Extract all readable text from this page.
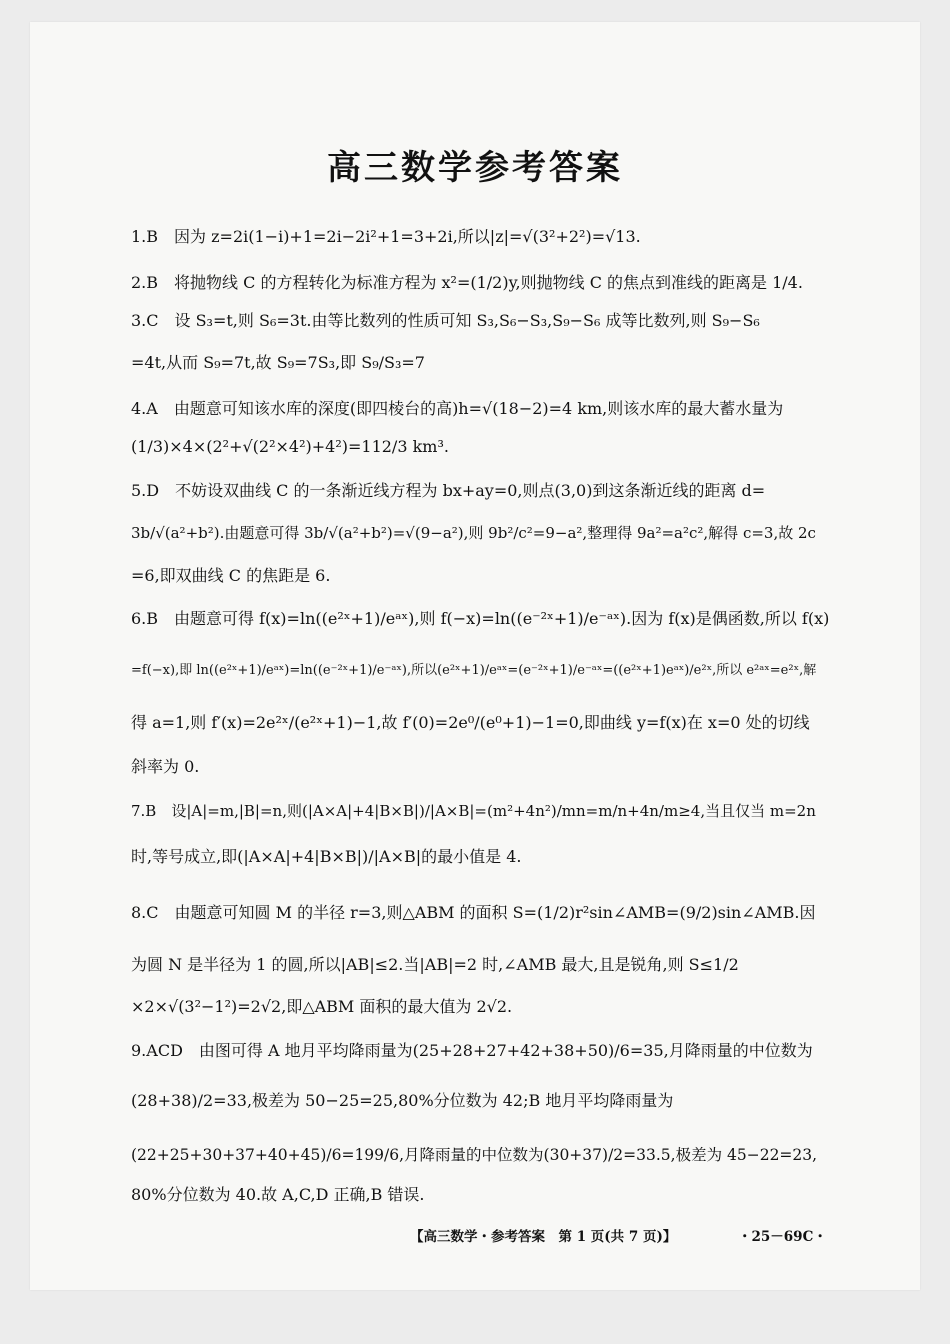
高三数学参考答案
1.B　因为 z=2i(1−i)+1=2i−2i²+1=3+2i,所以|z|=√(3²+2²)=√13.
2.B　将抛物线 C 的方程转化为标准方程为 x²=(1/2)y,则抛物线 C 的焦点到准线的距离是 1/4.
3.C　设 S₃=t,则 S₆=3t.由等比数列的性质可知 S₃,S₆−S₃,S₉−S₆ 成等比数列,则 S₉−S₆
=4t,从而 S₉=7t,故 S₉=7S₃,即 S₉/S₃=7
4.A　由题意可知该水库的深度(即四棱台的高)h=√(18−2)=4 km,则该水库的最大蓄水量为
(1/3)×4×(2²+√(2²×4²)+4²)=112/3 km³.
5.D　不妨设双曲线 C 的一条渐近线方程为 bx+ay=0,则点(3,0)到这条渐近线的距离 d=
3b/√(a²+b²).由题意可得 3b/√(a²+b²)=√(9−a²),则 9b²/c²=9−a²,整理得 9a²=a²c²,解得 c=3,故 2c
=6,即双曲线 C 的焦距是 6.
6.B　由题意可得 f(x)=ln((e²ˣ+1)/eᵃˣ),则 f(−x)=ln((e⁻²ˣ+1)/e⁻ᵃˣ).因为 f(x)是偶函数,所以 f(x)
=f(−x),即 ln((e²ˣ+1)/eᵃˣ)=ln((e⁻²ˣ+1)/e⁻ᵃˣ),所以(e²ˣ+1)/eᵃˣ=(e⁻²ˣ+1)/e⁻ᵃˣ=((e²ˣ+1)eᵃˣ)/e²ˣ,所以 e²ᵃˣ=e²ˣ,解
得 a=1,则 f′(x)=2e²ˣ/(e²ˣ+1)−1,故 f′(0)=2e⁰/(e⁰+1)−1=0,即曲线 y=f(x)在 x=0 处的切线
斜率为 0.
7.B　设|A|=m,|B|=n,则(|A×A|+4|B×B|)/|A×B|=(m²+4n²)/mn=m/n+4n/m≥4,当且仅当 m=2n
时,等号成立,即(|A×A|+4|B×B|)/|A×B|的最小值是 4.
8.C　由题意可知圆 M 的半径 r=3,则△ABM 的面积 S=(1/2)r²sin∠AMB=(9/2)sin∠AMB.因
为圆 N 是半径为 1 的圆,所以|AB|≤2.当|AB|=2 时,∠AMB 最大,且是锐角,则 S≤1/2
×2×√(3²−1²)=2√2,即△ABM 面积的最大值为 2√2.
9.ACD　由图可得 A 地月平均降雨量为(25+28+27+42+38+50)/6=35,月降雨量的中位数为
(28+38)/2=33,极差为 50−25=25,80%分位数为 42;B 地月平均降雨量为
(22+25+30+37+40+45)/6=199/6,月降雨量的中位数为(30+37)/2=33.5,极差为 45−22=23,
80%分位数为 40.故 A,C,D 正确,B 错误.
【高三数学・参考答案　第 1 页(共 7 页)】	・25－69C・
